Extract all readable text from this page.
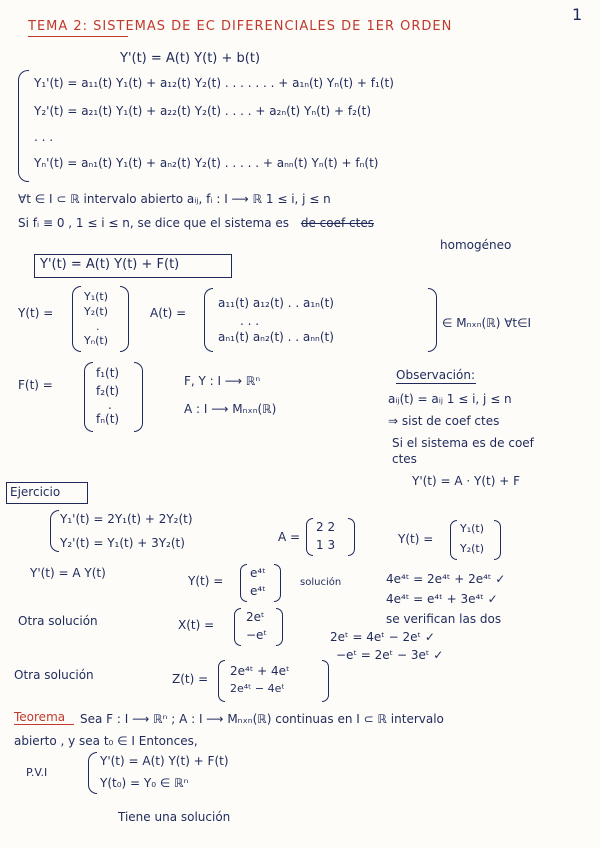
TEMA 2: SISTEMAS DE EC DIFERENCIALES DE 1ER ORDEN
1
Y'(t) = A(t) Y(t) + b(t)
Y₁'(t) = a₁₁(t) Y₁(t) + a₁₂(t) Y₂(t) . . . . . . . + a₁ₙ(t) Yₙ(t) + f₁(t)
Y₂'(t) = a₂₁(t) Y₁(t) + a₂₂(t) Y₂(t) . . . . + a₂ₙ(t) Yₙ(t) + f₂(t)
. . .
Yₙ'(t) = aₙ₁(t) Y₁(t) + aₙ₂(t) Y₂(t) . . . . . + aₙₙ(t) Yₙ(t) + fₙ(t)
∀t ∈ I ⊂ ℝ intervalo abierto aᵢⱼ, fᵢ : I ⟶ ℝ 1 ≤ i, j ≤ n
Si fᵢ ≡ 0 , 1 ≤ i ≤ n, se dice que el sistema es de coef ctes
homogéneo
Y'(t) = A(t) Y(t) + F(t)
Y(t) =
Y₁(t)
Y₂(t)
.
Yₙ(t)
A(t) =
a₁₁(t) a₁₂(t) . . a₁ₙ(t)
. . .
aₙ₁(t) aₙ₂(t) . . aₙₙ(t)
∈ Mₙₓₙ(ℝ) ∀t∈I
F(t) =
f₁(t)
f₂(t)
.
fₙ(t)
F, Y : I ⟶ ℝⁿ
A : I ⟶ Mₙₓₙ(ℝ)
Observación:
aᵢⱼ(t) = aᵢⱼ 1 ≤ i, j ≤ n
⇒ sist de coef ctes
Si el sistema es de coef
ctes
Y'(t) = A · Y(t) + F
Ejercicio
Y₁'(t) = 2Y₁(t) + 2Y₂(t)
Y₂'(t) = Y₁(t) + 3Y₂(t)	A =
2 2
1 3	Y(t) =
Y₁(t)
Y₂(t)
Y'(t) = A Y(t)
Y(t) =
e⁴ᵗ
e⁴ᵗ
solución	4e⁴ᵗ = 2e⁴ᵗ + 2e⁴ᵗ ✓
4e⁴ᵗ = e⁴ᵗ + 3e⁴ᵗ ✓
se verifican las dos
Otra solución	X(t) =
2eᵗ
−eᵗ	2eᵗ = 4eᵗ − 2eᵗ ✓
−eᵗ = 2eᵗ − 3eᵗ ✓
Otra solución	Z(t) =
2e⁴ᵗ + 4eᵗ
2e⁴ᵗ − 4eᵗ
Teorema Sea F : I ⟶ ℝⁿ ; A : I ⟶ Mₙₓₙ(ℝ) continuas en I ⊂ ℝ intervalo
abierto , y sea t₀ ∈ I Entonces,
P.V.I
Y'(t) = A(t) Y(t) + F(t)
Y(t₀) = Y₀ ∈ ℝⁿ
Tiene una solución
